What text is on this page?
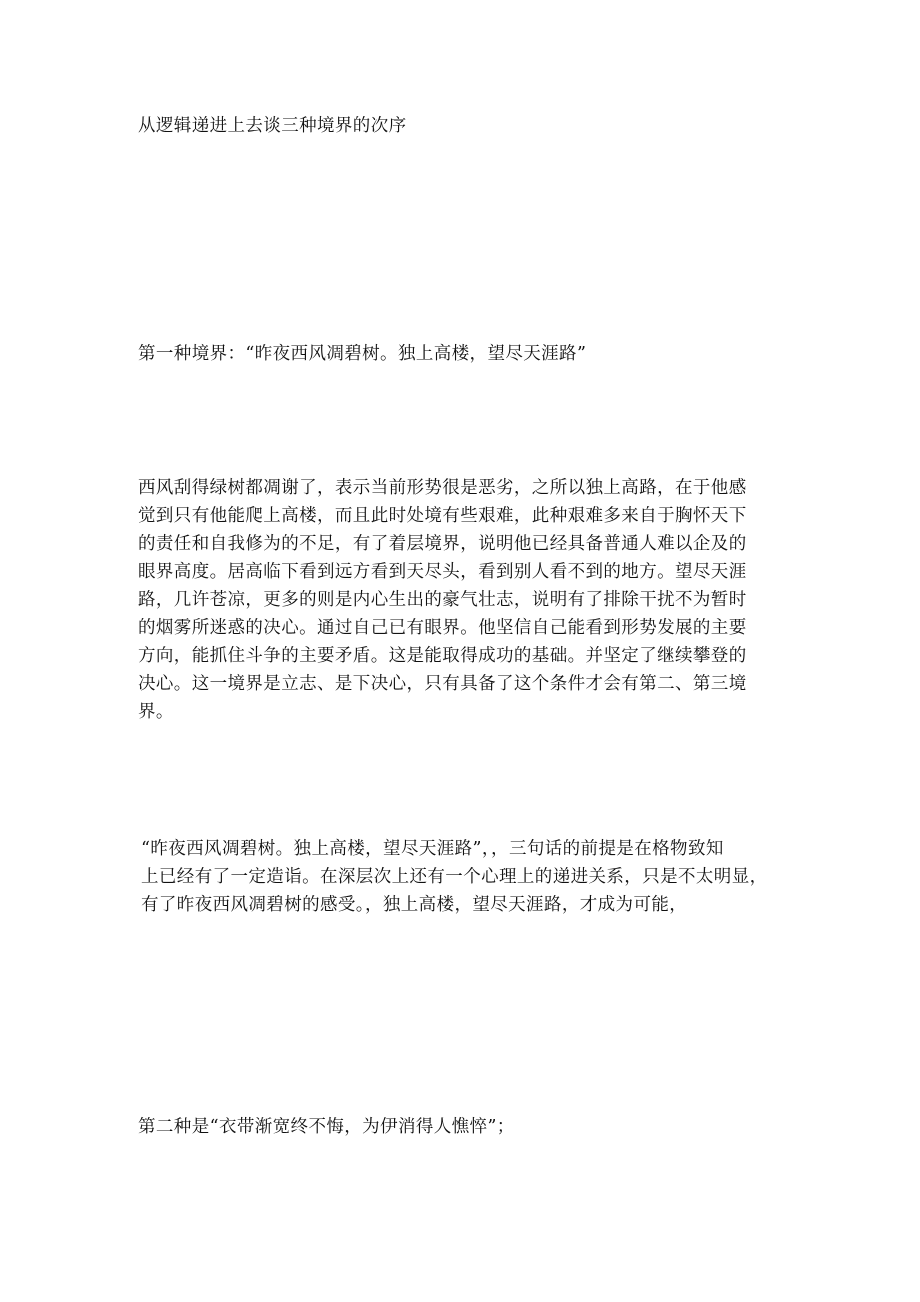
从逻辑递进上去谈三种境界的次序

第一种境界：“昨夜西风凋碧树。独上高楼，望尽天涯路”

西风刮得绿树都凋谢了，表示当前形势很是恶劣，之所以独上高路，在于他感
觉到只有他能爬上高楼，而且此时处境有些艰难，此种艰难多来自于胸怀天下
的责任和自我修为的不足，有了着层境界，说明他已经具备普通人难以企及的
眼界高度。居高临下看到远方看到天尽头，看到别人看不到的地方。望尽天涯
路，几许苍凉，更多的则是内心生出的豪气壮志，说明有了排除干扰不为暂时
的烟雾所迷惑的决心。通过自己已有眼界。他坚信自己能看到形势发展的主要
方向，能抓住斗争的主要矛盾。这是能取得成功的基础。并坚定了继续攀登的
决心。这一境界是立志、是下决心，只有具备了这个条件才会有第二、第三境
界。
“昨夜西风凋碧树。独上高楼，望尽天涯路”，，三句话的前提是在格物致知
上已经有了一定造诣。在深层次上还有一个心理上的递进关系，只是不太明显，
有了昨夜西风凋碧树的感受。，独上高楼，望尽天涯路，才成为可能，

第二种是“衣带渐宽终不悔，为伊消得人憔悴”；
